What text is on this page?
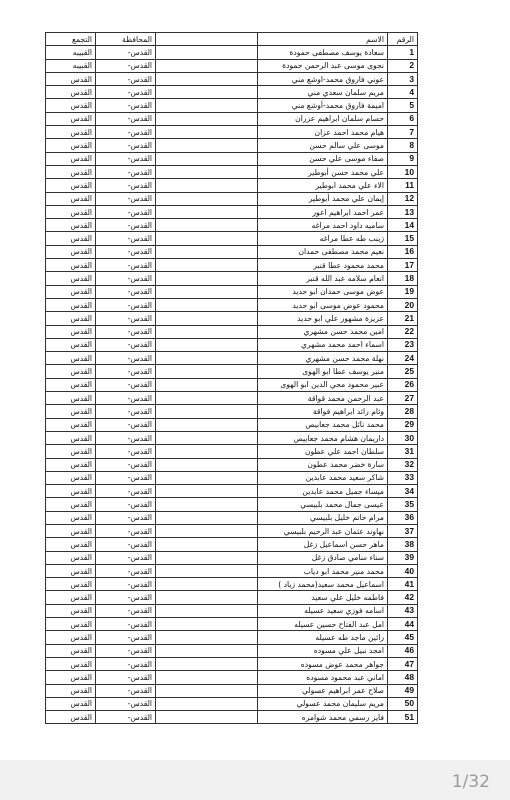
الرقم	الاسم		المحافظة	التجمع
1	سعادة يوسف مصطفى حمودة		القدس-	القبيبه
2	نجوى موسى عبد الرحمن حمودة		القدس-	القبيبه
3	عوني فاروق محمد-اوشع مني		القدس-	القدس
4	مريم سلمان سعدي مني		القدس-	القدس
5	اميمة فاروق محمد-أوشع مني		القدس-	القدس
6	حسام سلمان ابراهيم عزران		القدس-	القدس
7	هيام محمد احمد عزان		القدس-	القدس
8	موسى علي سالم حسن		القدس-	القدس
9	صفاء موسى علي حسن		القدس-	القدس
10	علي محمد حسن أبوطير		القدس-	القدس
11	الاء علي محمد ابوطير		القدس-	القدس
12	إيمان علي محمد أبوطير		القدس-	القدس
13	عمر احمد ابراهيم اعور		القدس-	القدس
14	ساميه داود احمد مراغه		القدس-	القدس
15	زينب طه عطا مراغه		القدس-	القدس
16	نعيم محمد مصطفى حمدان		القدس-	القدس
17	محمد محمود عطا قنبر		القدس-	القدس
18	انعام سلامه عبد الله قنبر		القدس-	القدس
19	عوض موسى حمدان ابو حديد		القدس-	القدس
20	محمود عوض موسى ابو حديد		القدس-	القدس
21	عزيزة مشهور علي ابو حديد		القدس-	القدس
22	امين محمد حسن مشهري		القدس-	القدس
23	اسماء احمد محمد مشهري		القدس-	القدس
24	نهلة محمد حسن مشهري		القدس-	القدس
25	منير يوسف عطا ابو الهوى		القدس-	القدس
26	عبير محمود محي الدين ابو الهوى		القدس-	القدس
27	عبد الرحمن محمد قواقة		القدس-	القدس
28	وئام رائد ابراهيم قواقة		القدس-	القدس
29	محمد نائل محمد جعابيص		القدس-	القدس
30	داريمان هشام محمد جعابيص		القدس-	القدس
31	سلطان احمد علي عطون		القدس-	القدس
32	سارة خضر محمد عطون		القدس-	القدس
33	شاكر سعيد محمد عابدين		القدس-	القدس
34	ميساء جميل محمد عابدين		القدس-	القدس
35	عيسى جمال محمد بلبيسي		القدس-	القدس
36	مرام حاتم خليل بلبيسي		القدس-	القدس
37	نهاوند عثمان عبد الرحيم بلبيسي		القدس-	القدس
38	ماهر حسن اسماعيل زغل		القدس-	القدس
39	سناء سامي صادق زغل		القدس-	القدس
40	محمد منير محمد ابو دياب		القدس-	القدس
41	اسماعيل محمد سعيد(محمد زياد )		القدس-	القدس
42	فاطمه خليل علي سعيد		القدس-	القدس
43	اسامه فوزي سعيد عسيله		القدس-	القدس
44	امل عبد الفتاح حسين عسيله		القدس-	القدس
45	رائين ماجد طه عسيله		القدس-	القدس
46	امجد نبيل علي مسوده		القدس-	القدس
47	جواهر محمد عوض مسوده		القدس-	القدس
48	اماني عبد محمود مسوده		القدس-	القدس
49	صلاح عمر ابراهيم عسولي		القدس-	القدس
50	مريم سليمان محمد عسولي		القدس-	القدس
51	فايز رسمي محمد شوامره		القدس-	القدس
1/32
